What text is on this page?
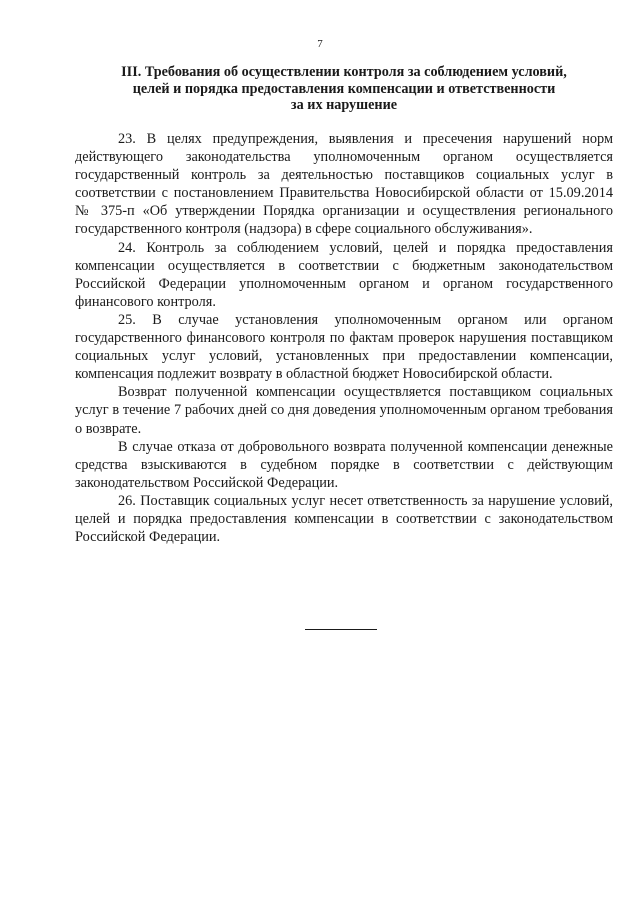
7
III. Требования об осуществлении контроля за соблюдением условий,
целей и порядка предоставления компенсации и ответственности
за их нарушение

23. В целях предупреждения, выявления и пресечения нарушений норм действующего законодательства уполномоченным органом осуществляется государственный контроль за деятельностью поставщиков социальных услуг в соответствии с постановлением Правительства Новосибирской области от 15.09.2014 № 375-п «Об утверждении Порядка организации и осуществления регионального государственного контроля (надзора) в сфере социального обслуживания».

24. Контроль за соблюдением условий, целей и порядка предоставления компенсации осуществляется в соответствии с бюджетным законодательством Российской Федерации уполномоченным органом и органом государственного финансового контроля.

25. В случае установления уполномоченным органом или органом государственного финансового контроля по фактам проверок нарушения поставщиком социальных услуг условий, установленных при предоставлении компенсации, компенсация подлежит возврату в областной бюджет Новосибирской области.

Возврат полученной компенсации осуществляется поставщиком социальных услуг в течение 7 рабочих дней со дня доведения уполномоченным органом требования о возврате.

В случае отказа от добровольного возврата полученной компенсации денежные средства взыскиваются в судебном порядке в соответствии с действующим законодательством Российской Федерации.

26. Поставщик социальных услуг несет ответственность за нарушение условий, целей и порядка предоставления компенсации в соответствии с законодательством Российской Федерации.
